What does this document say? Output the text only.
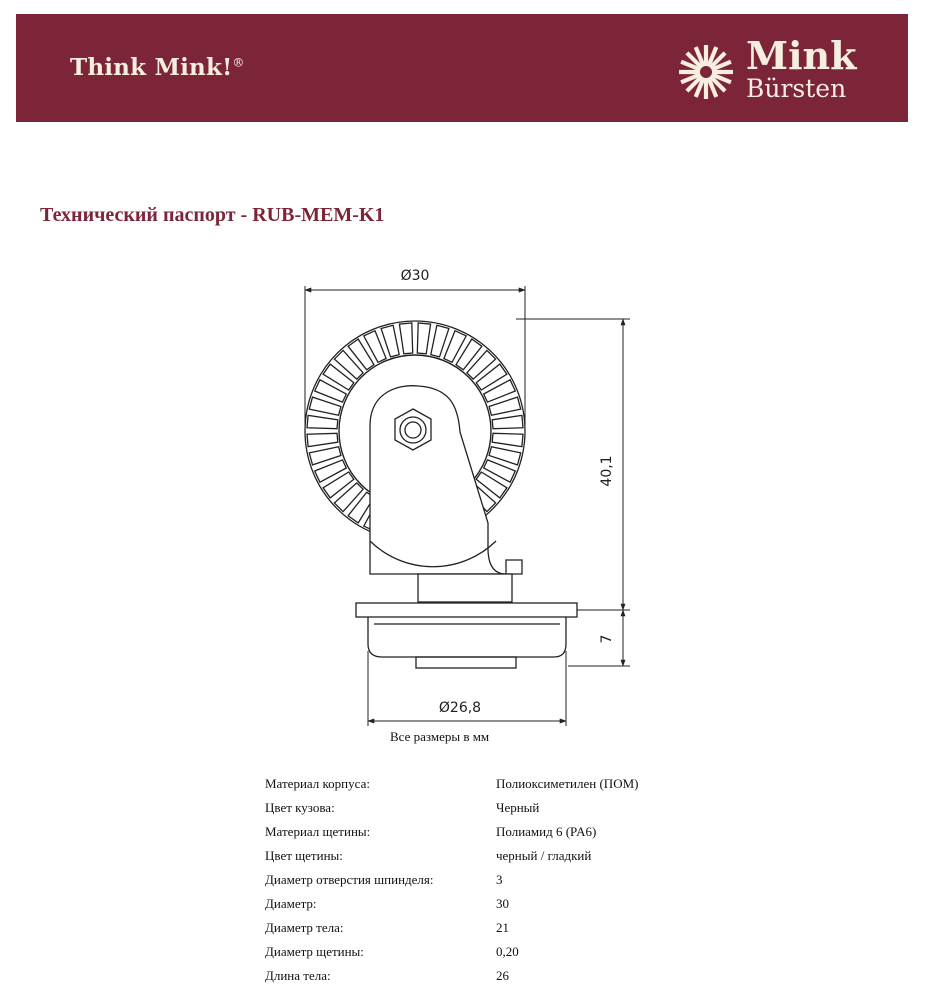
Think Mink!®	Mink
Bürsten
Технический паспорт - RUB-MEM-K1
Ø30
40,1
7
Ø26,8
Все размеры в мм
Материал корпуса:	Полиоксиметилен (ПОМ)
Цвет кузова:	Черный
Материал щетины:	Полиамид 6 (PA6)
Цвет щетины:	черный / гладкий
Диаметр отверстия шпинделя:	3
Диаметр:	30
Диаметр тела:	21
Диаметр щетины:	0,20
Длина тела:	26
